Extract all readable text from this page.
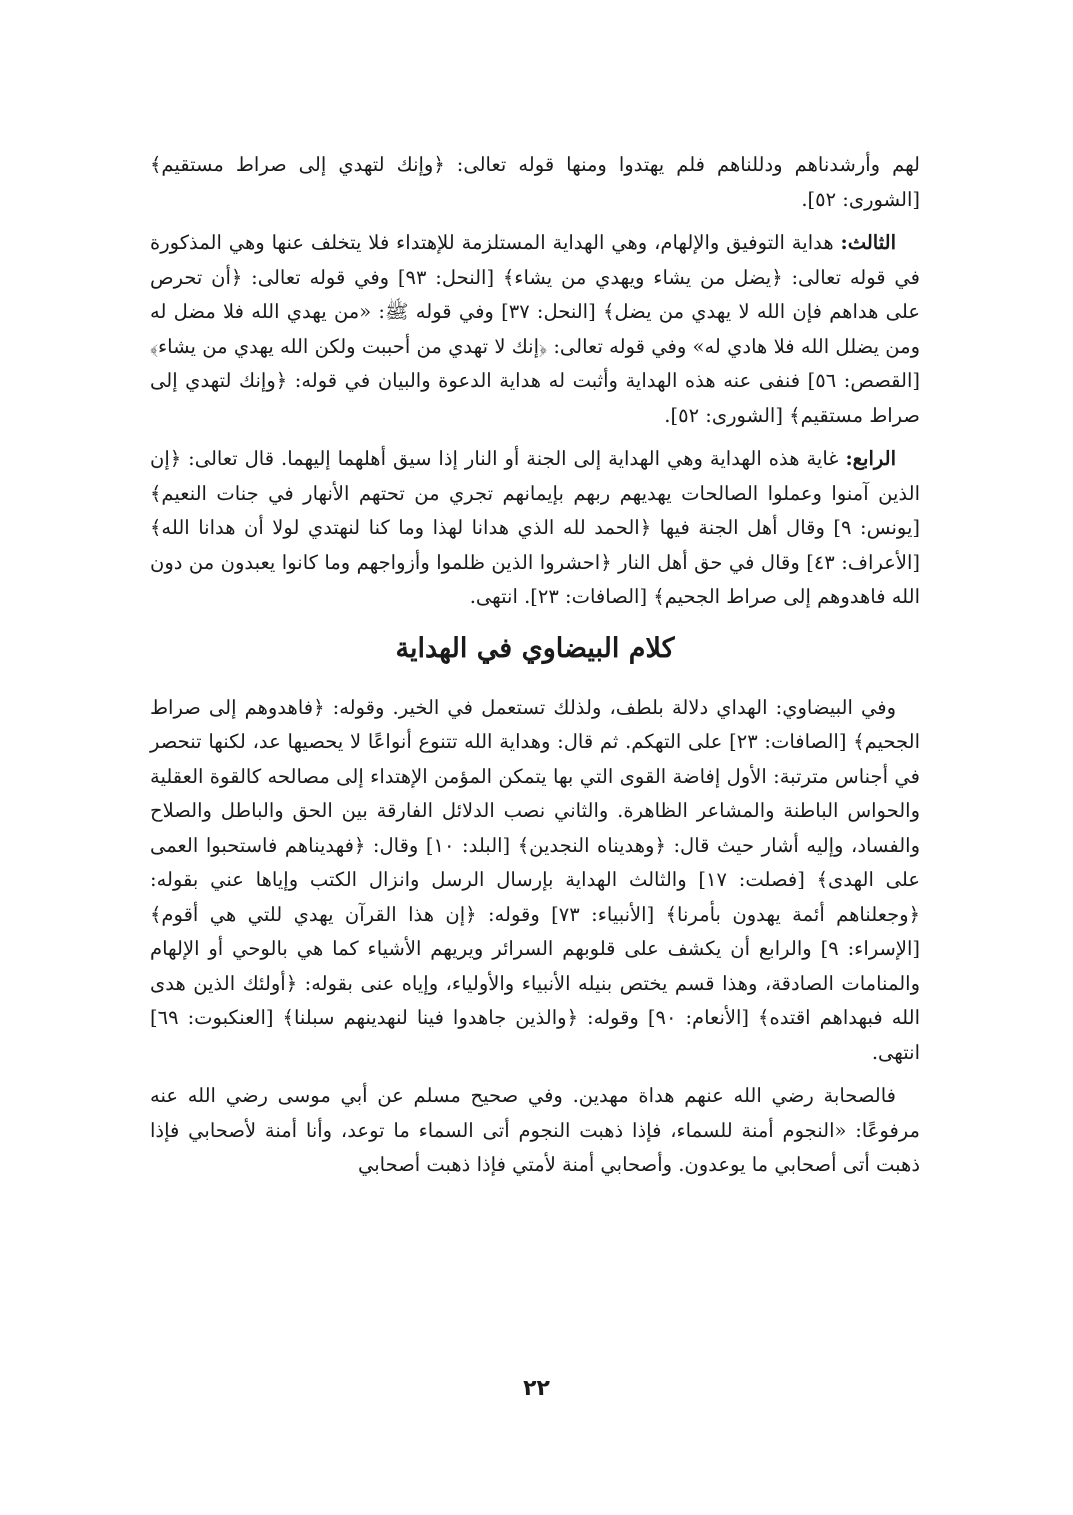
لهم وأرشدناهم ودللناهم فلم يهتدوا ومنها قوله تعالى: ﴿وإنك لتهدي إلى صراط مستقيم﴾ [الشورى: ٥٢].

الثالث: هداية التوفيق والإلهام، وهي الهداية المستلزمة للإهتداء فلا يتخلف عنها وهي المذكورة في قوله تعالى: ﴿يضل من يشاء ويهدي من يشاء﴾ [النحل: ٩٣] وفي قوله تعالى: ﴿أن تحرص على هداهم فإن الله لا يهدي من يضل﴾ [النحل: ٣٧] وفي قوله ﷺ: «من يهدي الله فلا مضل له ومن يضلل الله فلا هادي له» وفي قوله تعالى: ﴿إنك لا تهدي من أحببت ولكن الله يهدي من يشاء﴾ [القصص: ٥٦] فنفى عنه هذه الهداية وأثبت له هداية الدعوة والبيان في قوله: ﴿وإنك لتهدي إلى صراط مستقيم﴾ [الشورى: ٥٢].

الرابع: غاية هذه الهداية وهي الهداية إلى الجنة أو النار إذا سيق أهلهما إليهما. قال تعالى: ﴿إن الذين آمنوا وعملوا الصالحات يهديهم ربهم بإيمانهم تجري من تحتهم الأنهار في جنات النعيم﴾ [يونس: ٩] وقال أهل الجنة فيها ﴿الحمد لله الذي هدانا لهذا وما كنا لنهتدي لولا أن هدانا الله﴾ [الأعراف: ٤٣] وقال في حق أهل النار ﴿احشروا الذين ظلموا وأزواجهم وما كانوا يعبدون من دون الله فاهدوهم إلى صراط الجحيم﴾ [الصافات: ٢٣]. انتهى.

كلام البيضاوي في الهداية

وفي البيضاوي: الهداي دلالة بلطف، ولذلك تستعمل في الخير. وقوله: ﴿فاهدوهم إلى صراط الجحيم﴾ [الصافات: ٢٣] على التهكم. ثم قال: وهداية الله تتنوع أنواعًا لا يحصيها عد، لكنها تنحصر في أجناس مترتبة: الأول إفاضة القوى التي بها يتمكن المؤمن الإهتداء إلى مصالحه كالقوة العقلية والحواس الباطنة والمشاعر الظاهرة. والثاني نصب الدلائل الفارقة بين الحق والباطل والصلاح والفساد، وإليه أشار حيث قال: ﴿وهديناه النجدين﴾ [البلد: ١٠] وقال: ﴿فهديناهم فاستحبوا العمى على الهدى﴾ [فصلت: ١٧] والثالث الهداية بإرسال الرسل وانزال الكتب وإياها عني بقوله: ﴿وجعلناهم أئمة يهدون بأمرنا﴾ [الأنبياء: ٧٣] وقوله: ﴿إن هذا القرآن يهدي للتي هي أقوم﴾ [الإسراء: ٩] والرابع أن يكشف على قلوبهم السرائر ويريهم الأشياء كما هي بالوحي أو الإلهام والمنامات الصادقة، وهذا قسم يختص بنيله الأنبياء والأولياء، وإياه عنى بقوله: ﴿أولئك الذين هدى الله فبهداهم اقتده﴾ [الأنعام: ٩٠] وقوله: ﴿والذين جاهدوا فينا لنهدينهم سبلنا﴾ [العنكبوت: ٦٩] انتهى.

فالصحابة رضي الله عنهم هداة مهدين. وفي صحيح مسلم عن أبي موسى رضي الله عنه مرفوعًا: «النجوم أمنة للسماء، فإذا ذهبت النجوم أتى السماء ما توعد، وأنا أمنة لأصحابي فإذا ذهبت أتى أصحابي ما يوعدون. وأصحابي أمنة لأمتي فإذا ذهبت أصحابي

٢٢
